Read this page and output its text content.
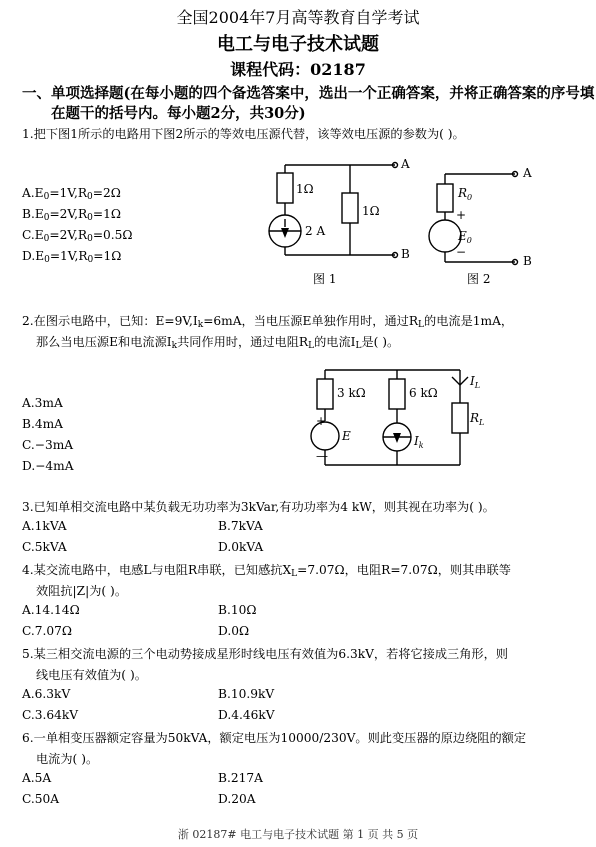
全国2004年7月高等教育自学考试
电工与电子技术试题
课程代码：02187
一、单项选择题(在每小题的四个备选答案中，选出一个正确答案，并将正确答案的序号填
在题干的括号内。每小题2分，共30分)
1.把下图1所示的电路用下图2所示的等效电压源代替，该等效电压源的参数为( )。
$A.E_0=1V,R_0=2\Omega$
$B.E_0=2V,R_0=1\Omega$
$C.E_0=2V,R_0=0.5\Omega$
$D.E_0=1V,R_0=1\Omega$
1Ω
1Ω
2 A
A
B
图 1
$R_0$
+
$E_0$
−
A
B
图 2
2.在图示电路中，已知：$E=9V,I_k=6mA$，当电压源E单独作用时，通过$R_L$的电流是1mA，
那么当电压源E和电流源$I_k$共同作用时，通过电阻$R_L$的电流$I_L$是( )。
A.3mA
B.4mA
C.−3mA
D.−4mA
3 kΩ	6 kΩ
+
E
—
$I_k$
$I_L$
$R_L$
3.已知单相交流电路中某负载无功功率为3kVar,有功功率为4 kW，则其视在功率为( )。
A.1kVA	B.7kVA
C.5kVA	D.0kVA
4.某交流电路中，电感L与电阻R串联，已知感抗$X_L=7.07\Omega$，电阻R=7.07Ω，则其串联等
效阻抗|Z|为( )。
A.14.14Ω	B.10Ω
C.7.07Ω	D.0Ω
5.某三相交流电源的三个电动势接成星形时线电压有效值为6.3kV，若将它接成三角形，则
线电压有效值为( )。
A.6.3kV	B.10.9kV
C.3.64kV	D.4.46kV
6.一单相变压器额定容量为50kVA，额定电压为10000/230V。则此变压器的原边绕阻的额定
电流为( )。
A.5A	B.217A
C.50A	D.20A
浙 02187# 电工与电子技术试题 第 1 页 共 5 页
